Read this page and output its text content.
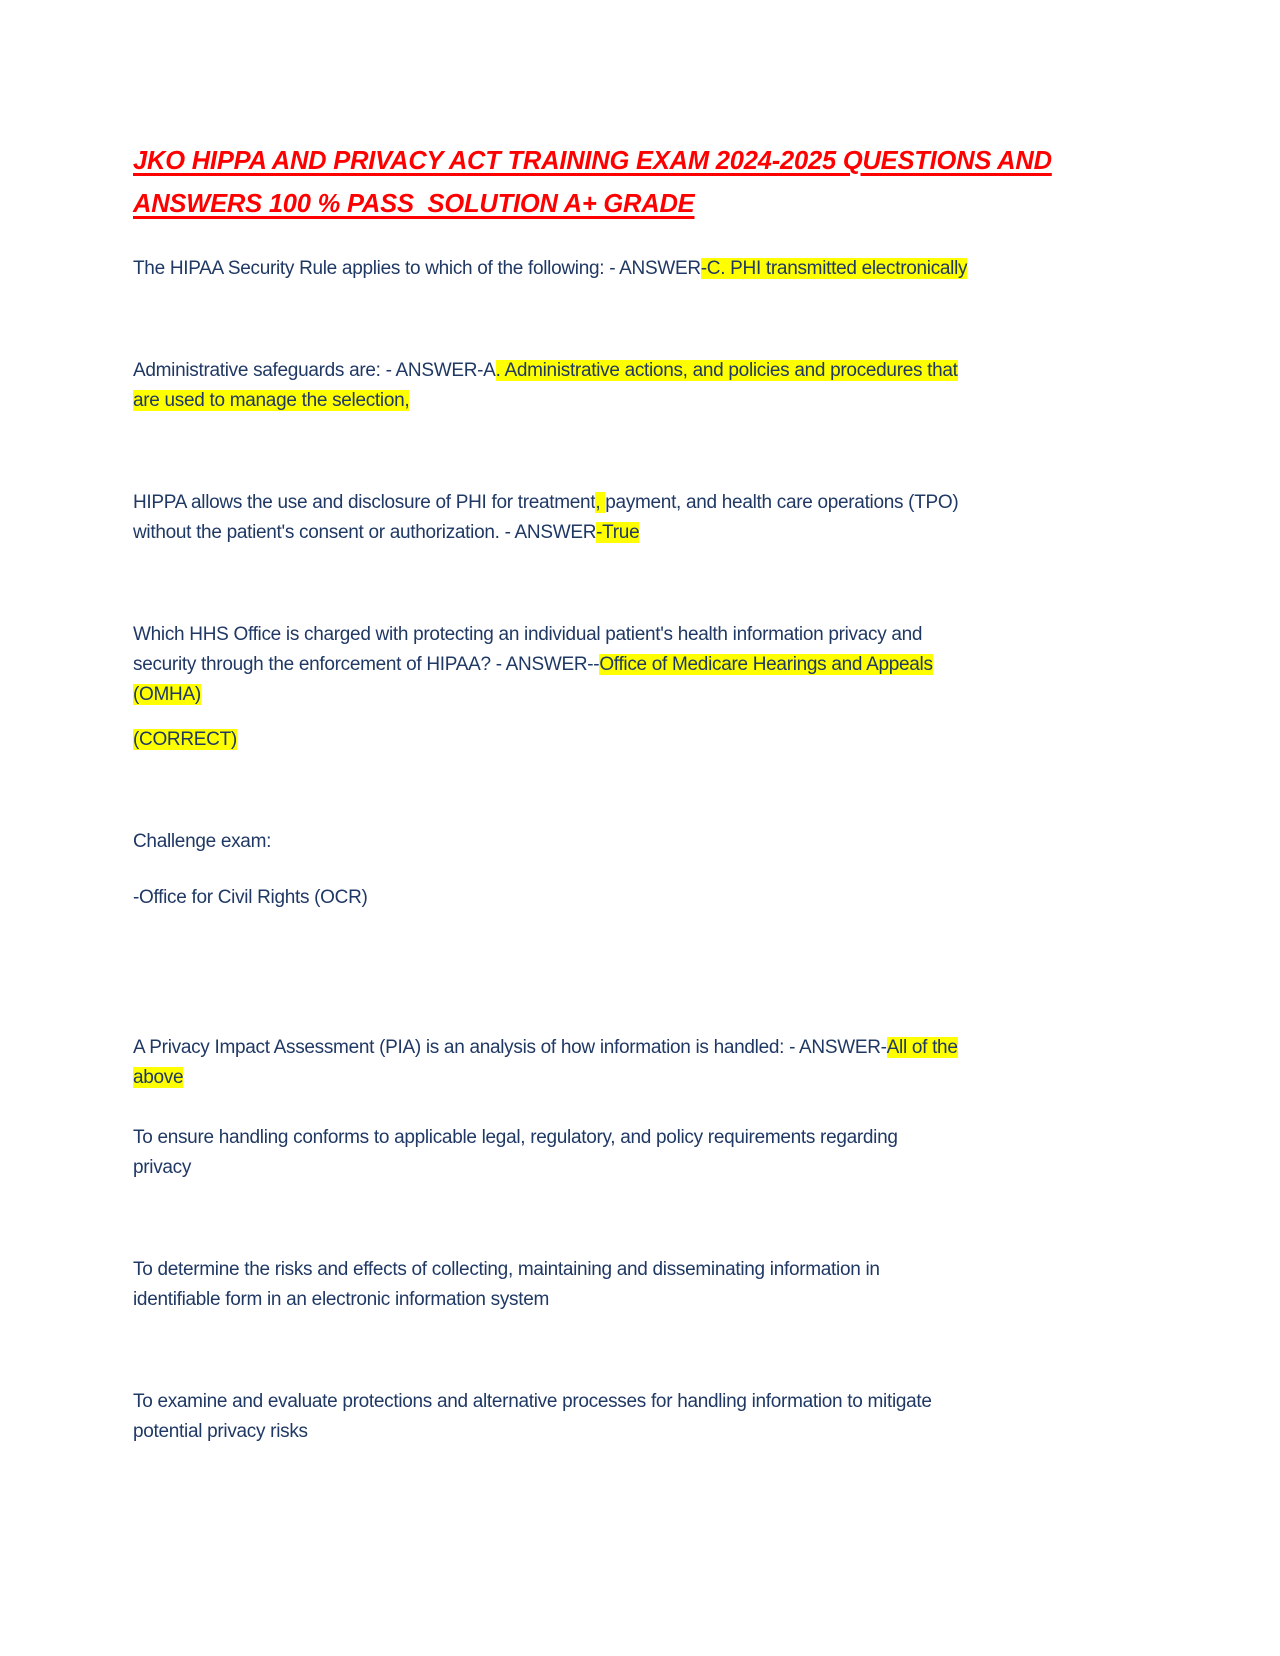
JKO HIPPA AND PRIVACY ACT TRAINING EXAM 2024-2025 QUESTIONS AND
ANSWERS 100 % PASS  SOLUTION A+ GRADE

The HIPAA Security Rule applies to which of the following: - ANSWER-C. PHI transmitted electronically

Administrative safeguards are: - ANSWER-A. Administrative actions, and policies and procedures that
are used to manage the selection,

HIPPA allows the use and disclosure of PHI for treatment, payment, and health care operations (TPO)
without the patient's consent or authorization. - ANSWER-True

Which HHS Office is charged with protecting an individual patient's health information privacy and
security through the enforcement of HIPAA? - ANSWER--Office of Medicare Hearings and Appeals
(OMHA)

(CORRECT)

Challenge exam:

-Office for Civil Rights (OCR)

A Privacy Impact Assessment (PIA) is an analysis of how information is handled: - ANSWER-All of the
above

To ensure handling conforms to applicable legal, regulatory, and policy requirements regarding
privacy

To determine the risks and effects of collecting, maintaining and disseminating information in
identifiable form in an electronic information system

To examine and evaluate protections and alternative processes for handling information to mitigate
potential privacy risks
